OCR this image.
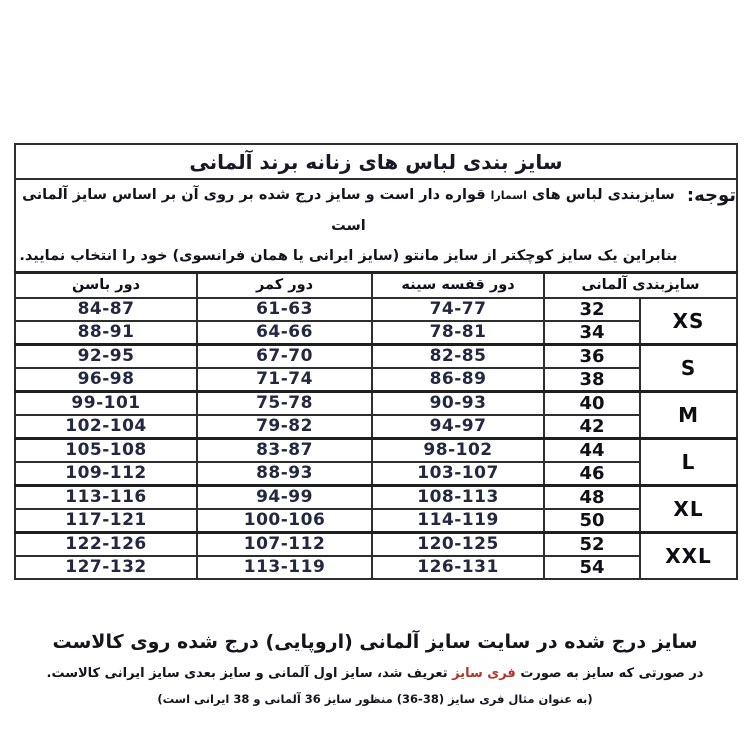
سایز بندی لباس های زنانه برند آلمانی				

توجه:
سایزبندی لباس های اسمارا قواره دار است و سایز درج شده بر روی آن بر اساس سایز آلمانی است
بنابراین یک سایز کوچکتر از سایز مانتو (سایز ایرانی یا همان فرانسوی) خود را انتخاب نمایید.				

سایزبندی آلمانی		دور قفسه سینه	دور کمر	دور باسن
XS	32	74-77	61-63	84-87
	34	78-81	64-66	88-91
S	36	82-85	67-70	92-95
	38	86-89	71-74	96-98
M	40	90-93	75-78	99-101
	42	94-97	79-82	102-104
L	44	98-102	83-87	105-108
	46	103-107	88-93	109-112
XL	48	108-113	94-99	113-116
	50	114-119	100-106	117-121
XXL	52	120-125	107-112	122-126
	54	126-131	113-119	127-132
سایز درج شده در سایت سایز آلمانی (اروپایی) درج شده روی کالاست
در صورتی که سایز به صورت فری سایز تعریف شد، سایز اول آلمانی و سایز بعدی سایز ایرانی کالاست.
(به عنوان مثال فری سایز (38-36) منظور سایز 36 آلمانی و 38 ایرانی است)
